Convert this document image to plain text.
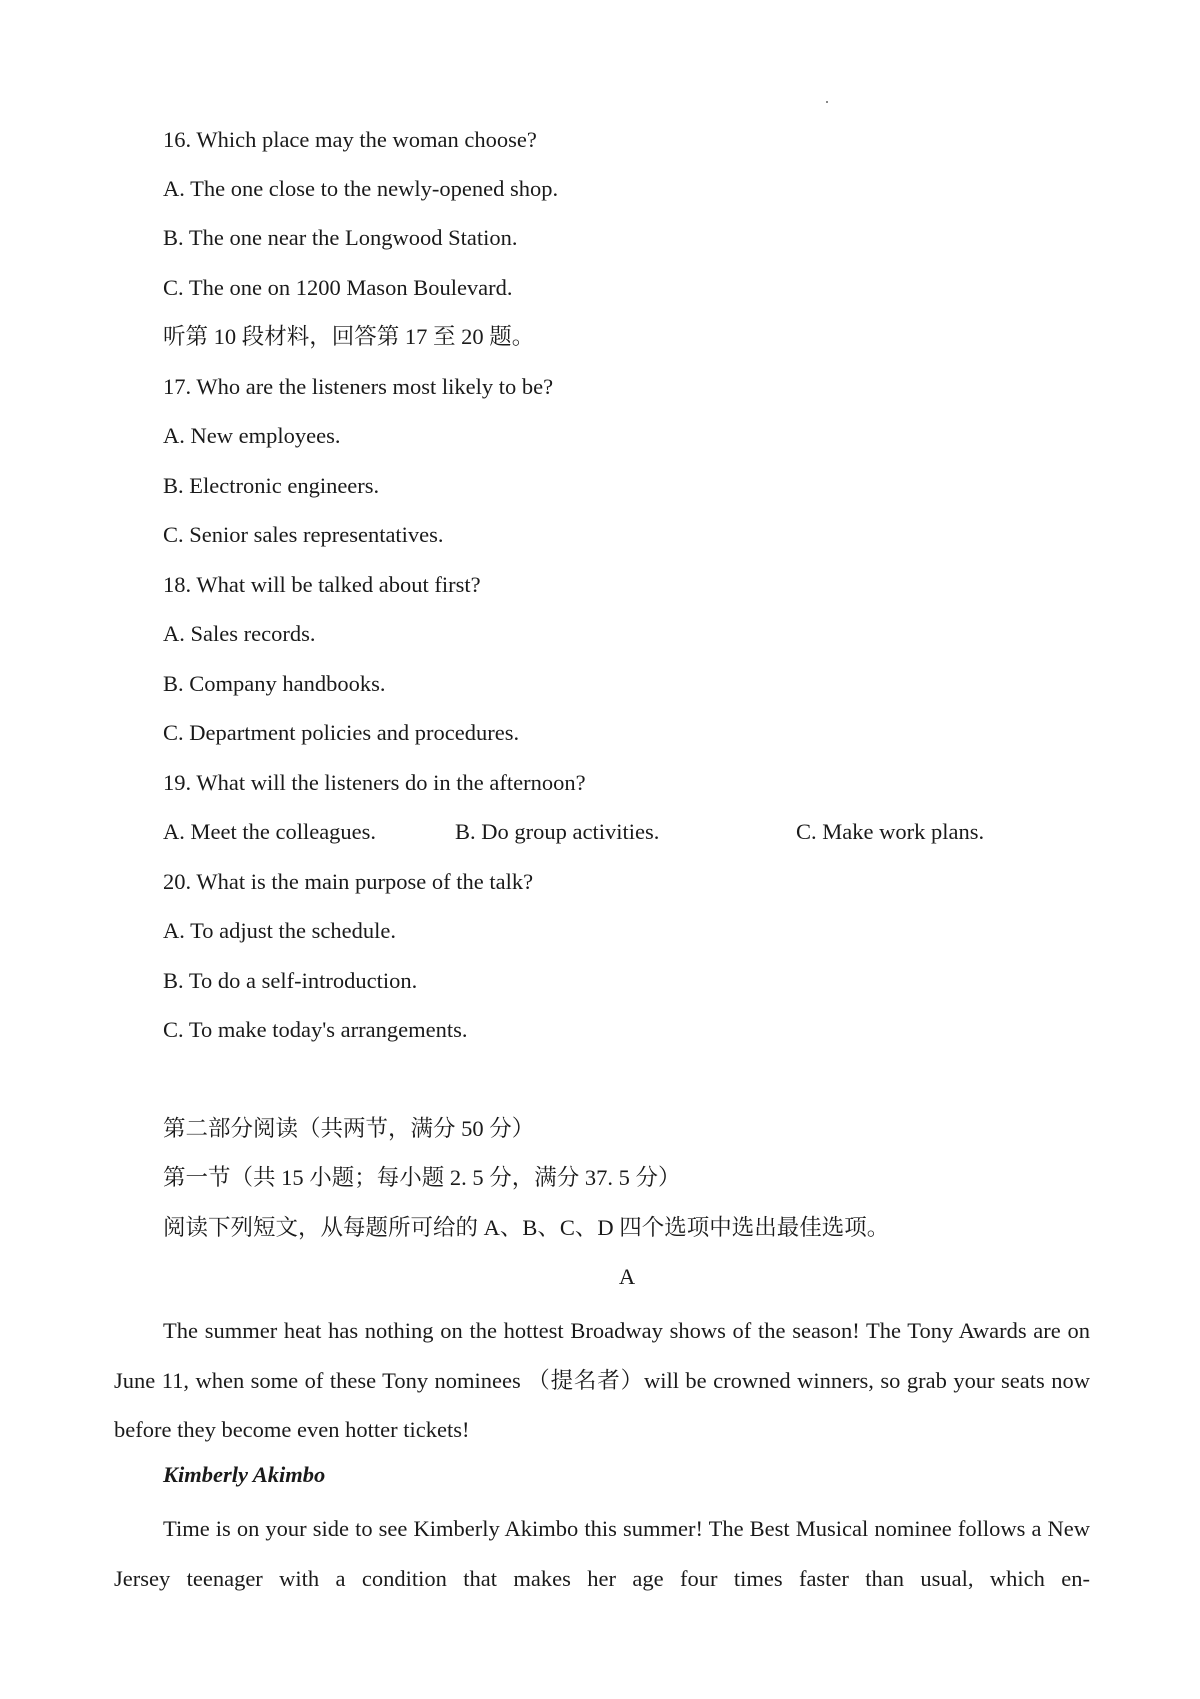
16. Which place may the woman choose?
A. The one close to the newly-opened shop.
B. The one near the Longwood Station.
C. The one on 1200 Mason Boulevard.
听第 10 段材料，回答第 17 至 20 题。
17. Who are the listeners most likely to be?
A. New employees.
B. Electronic engineers.
C. Senior sales representatives.
18. What will be talked about first?
A. Sales records.
B. Company handbooks.
C. Department policies and procedures.
19. What will the listeners do in the afternoon?
A. Meet the colleagues.	B. Do group activities.	C. Make work plans.
20. What is the main purpose of the talk?
A. To adjust the schedule.
B. To do a self-introduction.
C. To make today's arrangements.
第二部分阅读（共两节，满分 50 分）
第一节（共 15 小题；每小题 2. 5 分，满分 37. 5 分）
阅读下列短文，从每题所可给的 A、B、C、D 四个选项中选出最佳选项。
A
The summer heat has nothing on the hottest Broadway shows of the season! The Tony Awards are on June 11, when some of these Tony nominees （提名者）will be crowned winners, so grab your seats now before they become even hotter tickets!
Kimberly Akimbo
Time is on your side to see Kimberly Akimbo this summer! The Best Musical nominee follows a New Jersey teenager with a condition that makes her age four times faster than usual, which en-
